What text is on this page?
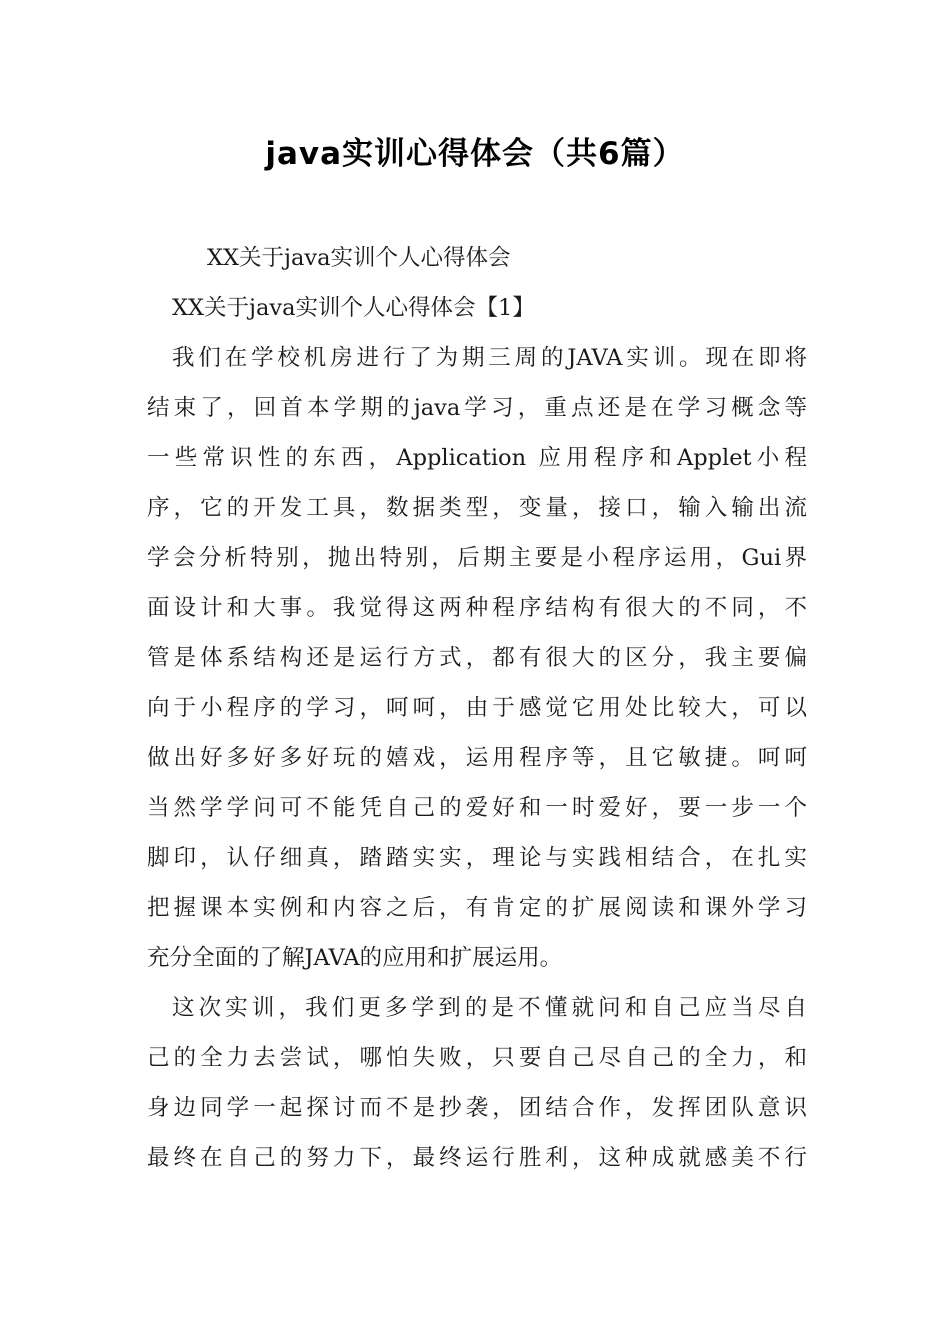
java实训心得体会（共6篇）

XX关于java实训个人心得体会

XX关于java实训个人心得体会【1】

我们在学校机房进行了为期三周的JAVA实训。现在即将

结束了，回首本学期的java学习，重点还是在学习概念等

一些常识性的东西，Application 应用程序和Applet小程

序，它的开发工具，数据类型，变量，接口，输入输出流

学会分析特别，抛出特别，后期主要是小程序运用，Gui界

面设计和大事。我觉得这两种程序结构有很大的不同，不

管是体系结构还是运行方式，都有很大的区分，我主要偏

向于小程序的学习，呵呵，由于感觉它用处比较大，可以

做出好多好多好玩的嬉戏，运用程序等，且它敏捷。呵呵

当然学学问可不能凭自己的爱好和一时爱好，要一步一个

脚印，认仔细真，踏踏实实，理论与实践相结合，在扎实

把握课本实例和内容之后，有肯定的扩展阅读和课外学习

充分全面的了解JAVA的应用和扩展运用。

这次实训，我们更多学到的是不懂就问和自己应当尽自

己的全力去尝试，哪怕失败，只要自己尽自己的全力，和

身边同学一起探讨而不是抄袭，团结合作，发挥团队意识

最终在自己的努力下，最终运行胜利，这种成就感美不行
